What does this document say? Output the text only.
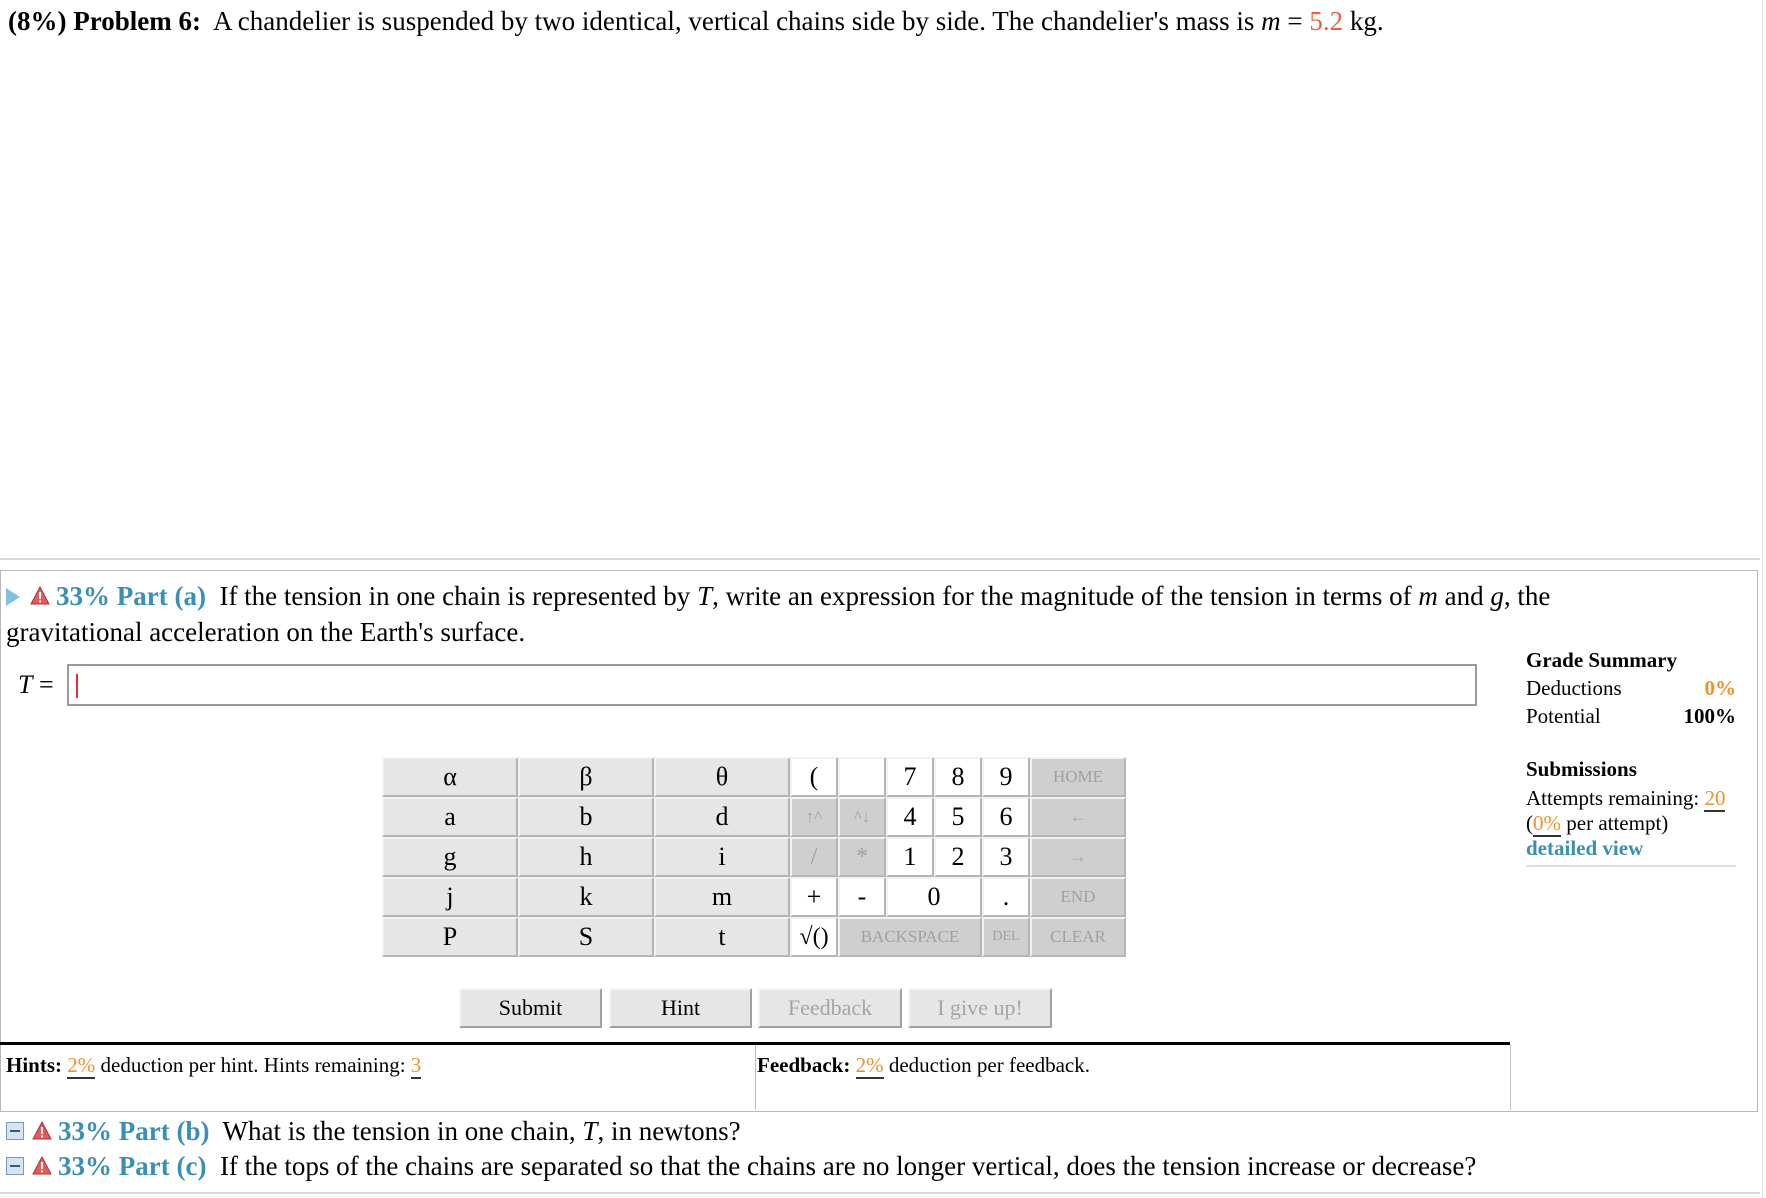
(8%) Problem 6: A chandelier is suspended by two identical, vertical chains side by side. The chandelier's mass is m = 5.2 kg.
33% Part (a) If the tension in one chain is represented by T, write an expression for the magnitude of the tension in terms of m and g, the gravitational acceleration on the Earth's surface.
T =
Grade Summary
Deductions	0%
Potential	100%
Submissions
Attempts remaining: 20
(0% per attempt)
detailed view
α	β	θ	(	)	7	8	9	HOME
a	b	d	↑^	^↓	4	5	6	←
g	h	i	/	*	1	2	3	→
j	k	m	+	-	0	.	END
P	S	t	√()	BACKSPACE	DEL	CLEAR
Submit	Hint	Feedback	I give up!
Hints: 2% deduction per hint. Hints remaining: 3	Feedback: 2% deduction per feedback.
33% Part (b) What is the tension in one chain, T, in newtons?
33% Part (c) If the tops of the chains are separated so that the chains are no longer vertical, does the tension increase or decrease?
